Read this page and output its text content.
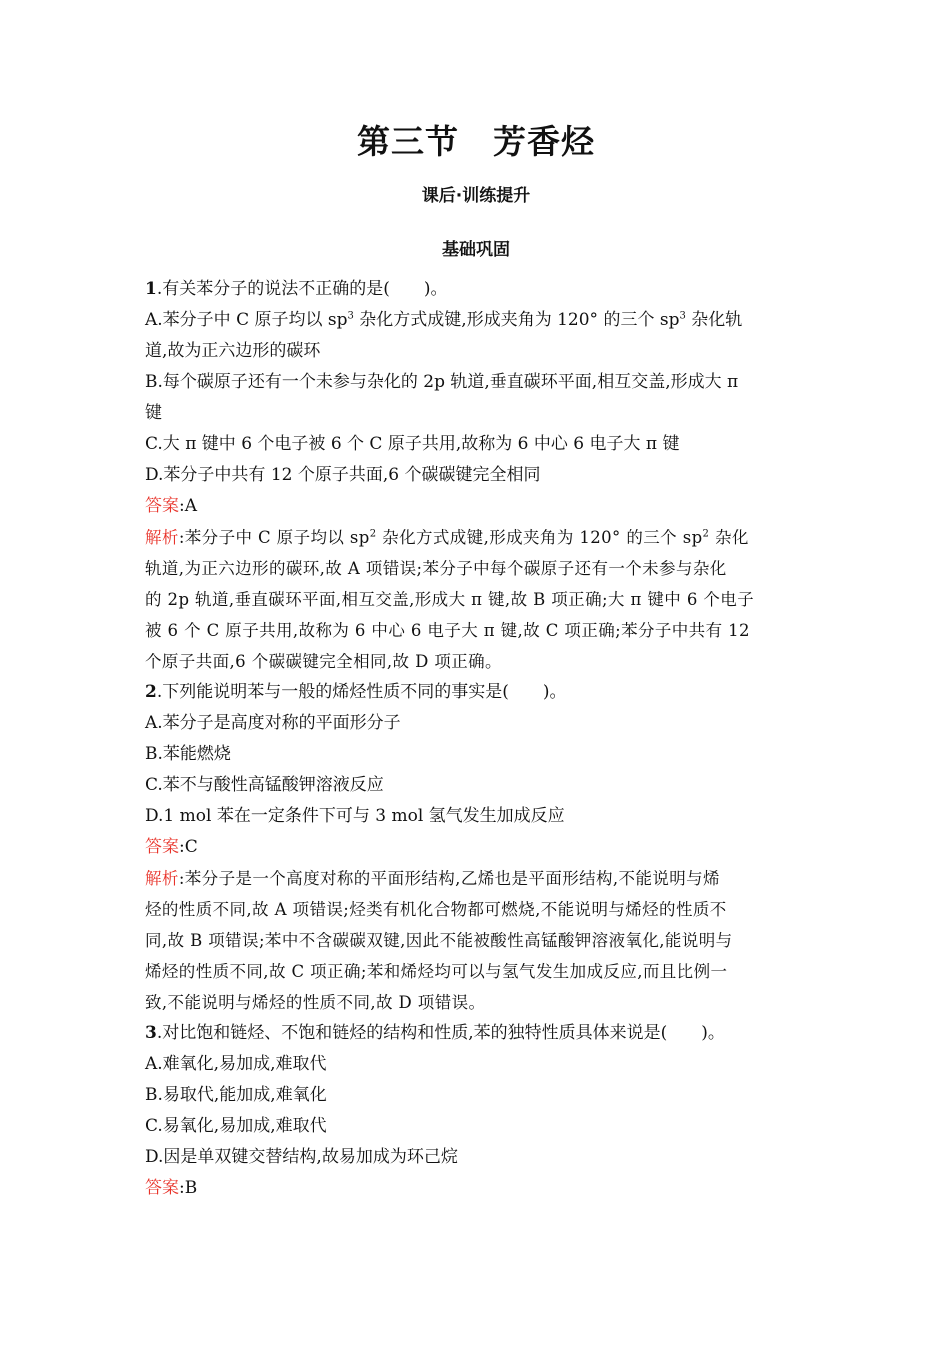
第三节　芳香烃
课后·训练提升
基础巩固
1.有关苯分子的说法不正确的是(　　)。
A.苯分子中 C 原子均以 $sp^3$ 杂化方式成键,形成夹角为 120° 的三个 $sp^3$ 杂化轨
道,故为正六边形的碳环
B.每个碳原子还有一个未参与杂化的 2p 轨道,垂直碳环平面,相互交盖,形成大 π
键
C.大 π 键中 6 个电子被 6 个 C 原子共用,故称为 6 中心 6 电子大 π 键
D.苯分子中共有 12 个原子共面,6 个碳碳键完全相同
答案:A
解析:苯分子中 C 原子均以 $sp^2$ 杂化方式成键,形成夹角为 120° 的三个 $sp^2$ 杂化
轨道,为正六边形的碳环,故 A 项错误;苯分子中每个碳原子还有一个未参与杂化
的 2p 轨道,垂直碳环平面,相互交盖,形成大 π 键,故 B 项正确;大 π 键中 6 个电子
被 6 个 C 原子共用,故称为 6 中心 6 电子大 π 键,故 C 项正确;苯分子中共有 12
个原子共面,6 个碳碳键完全相同,故 D 项正确。
2.下列能说明苯与一般的烯烃性质不同的事实是(　　)。
A.苯分子是高度对称的平面形分子
B.苯能燃烧
C.苯不与酸性高锰酸钾溶液反应
D.1 mol 苯在一定条件下可与 3 mol 氢气发生加成反应
答案:C
解析:苯分子是一个高度对称的平面形结构,乙烯也是平面形结构,不能说明与烯
烃的性质不同,故 A 项错误;烃类有机化合物都可燃烧,不能说明与烯烃的性质不
同,故 B 项错误;苯中不含碳碳双键,因此不能被酸性高锰酸钾溶液氧化,能说明与
烯烃的性质不同,故 C 项正确;苯和烯烃均可以与氢气发生加成反应,而且比例一
致,不能说明与烯烃的性质不同,故 D 项错误。
3.对比饱和链烃、不饱和链烃的结构和性质,苯的独特性质具体来说是(　　)。
A.难氧化,易加成,难取代
B.易取代,能加成,难氧化
C.易氧化,易加成,难取代
D.因是单双键交替结构,故易加成为环己烷
答案:B
